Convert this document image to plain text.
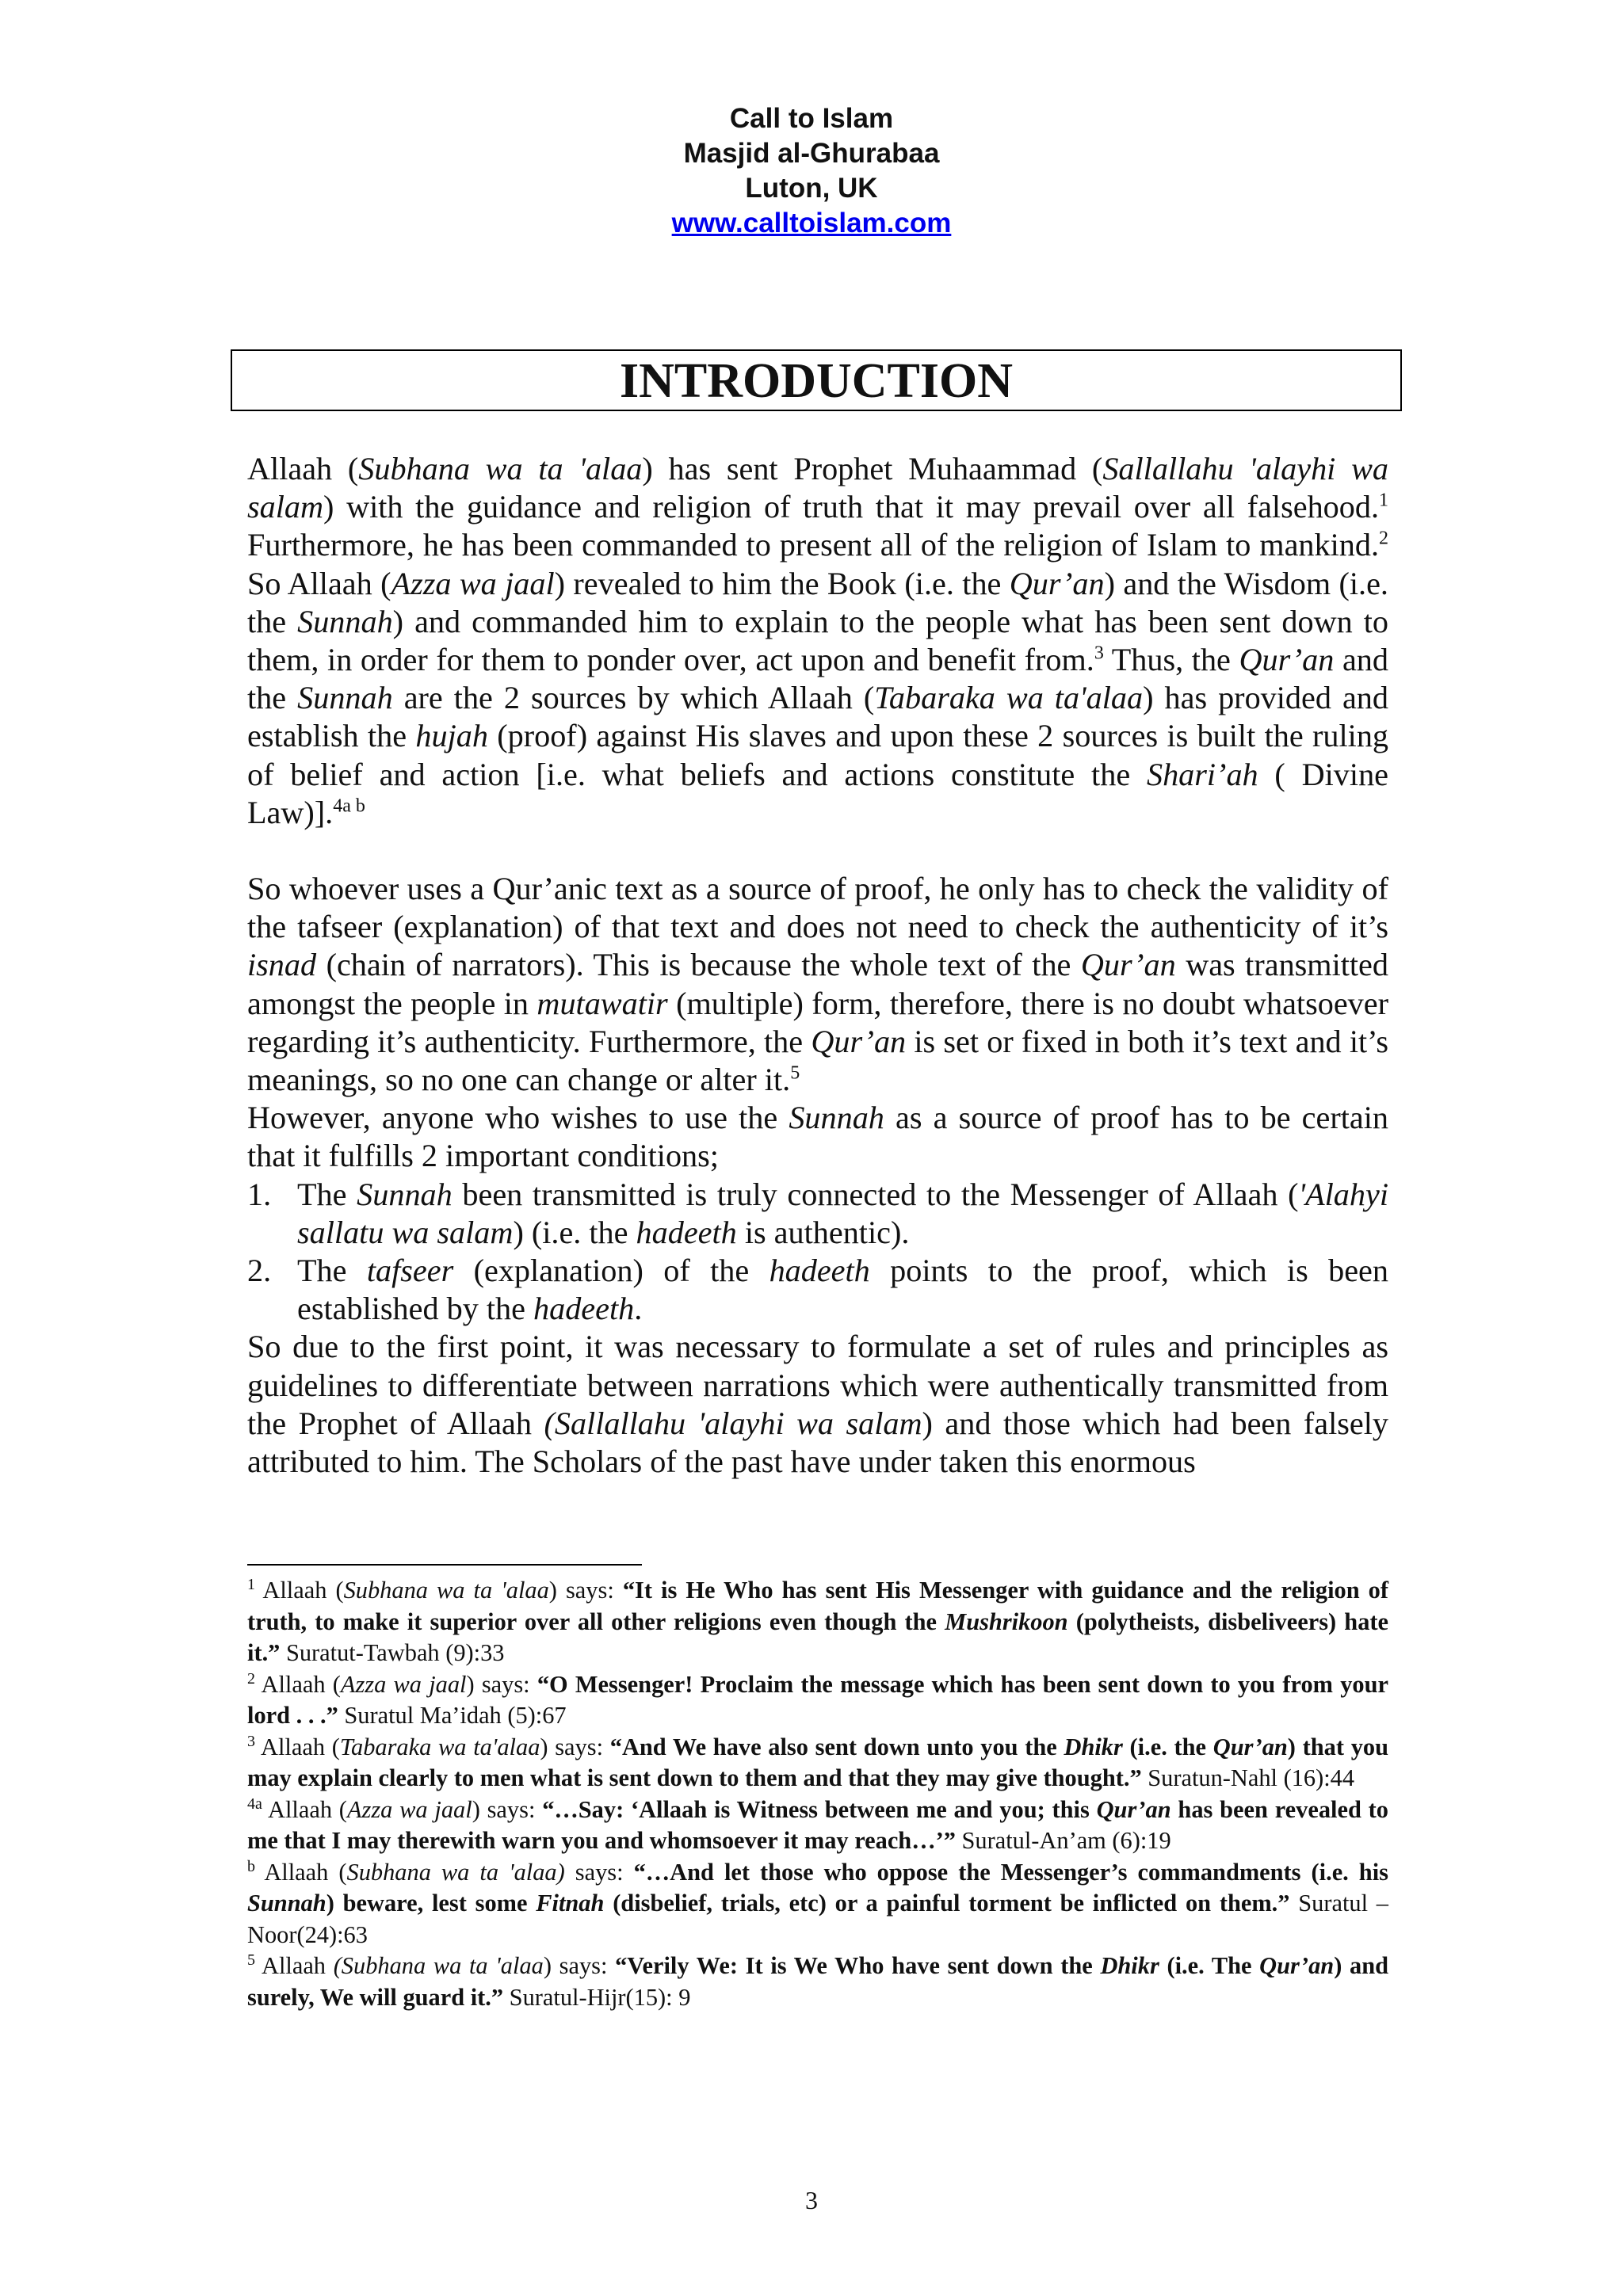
Call to Islam
Masjid al-Ghurabaa
Luton, UK
www.calltoislam.com
INTRODUCTION

Allaah (Subhana wa ta 'alaa) has sent Prophet Muhaammad (Sallallahu 'alayhi wa salam) with the guidance and religion of truth that it may prevail over all falsehood.$^1$ Furthermore, he has been commanded to present all of the religion of Islam to mankind.$^2$ So Allaah (Azza wa jaal) revealed to him the Book (i.e. the Qur’an) and the Wisdom (i.e. the Sunnah) and commanded him to explain to the people what has been sent down to them, in order for them to ponder over, act upon and benefit from.$^3$ Thus, the Qur’an and the Sunnah are the 2 sources by which Allaah (Tabaraka wa ta'alaa) has provided and establish the hujah (proof) against His slaves and upon these 2 sources is built the ruling of belief and action [i.e. what beliefs and actions constitute the Shari’ah ( Divine Law)].$^{4a b}$

So whoever uses a Qur’anic text as a source of proof, he only has to check the validity of the tafseer (explanation) of that text and does not need to check the authenticity of it’s isnad (chain of narrators). This is because the whole text of the Qur’an was transmitted amongst the people in mutawatir (multiple) form, therefore, there is no doubt whatsoever regarding it’s authenticity. Furthermore, the Qur’an is set or fixed in both it’s text and it’s meanings, so no one can change or alter it.$^5$

However, anyone who wishes to use the Sunnah as a source of proof has to be certain that it fulfills 2 important conditions;

1. The Sunnah been transmitted is truly connected to the Messenger of Allaah ('Alahyi sallatu wa salam) (i.e. the hadeeth is authentic).
2. The tafseer (explanation) of the hadeeth points to the proof, which is been established by the hadeeth.

So due to the first point, it was necessary to formulate a set of rules and principles as guidelines to differentiate between narrations which were authentically transmitted from the Prophet of Allaah (Sallallahu 'alayhi wa salam) and those which had been falsely attributed to him. The Scholars of the past have under taken this enormous

$^1$ Allaah (Subhana wa ta 'alaa) says: “It is He Who has sent His Messenger with guidance and the religion of truth, to make it superior over all other religions even though the Mushrikoon (polytheists, disbeliveers) hate it.” Suratut-Tawbah (9):33

$^2$ Allaah (Azza wa jaal) says: “O Messenger! Proclaim the message which has been sent down to you from your lord . . .” Suratul Ma’idah (5):67

$^3$ Allaah (Tabaraka wa ta'alaa) says: “And We have also sent down unto you the Dhikr (i.e. the Qur’an) that you may explain clearly to men what is sent down to them and that they may give thought.” Suratun-Nahl (16):44

$^{4a}$ Allaah (Azza wa jaal) says: “…Say: ‘Allaah is Witness between me and you; this Qur’an has been revealed to me that I may therewith warn you and whomsoever it may reach…’” Suratul-An’am (6):19

$^b$ Allaah (Subhana wa ta 'alaa) says: “…And let those who oppose the Messenger’s commandments (i.e. his Sunnah) beware, lest some Fitnah (disbelief, trials, etc) or a painful torment be inflicted on them.” Suratul –Noor(24):63

$^5$ Allaah (Subhana wa ta 'alaa) says: “Verily We: It is We Who have sent down the Dhikr (i.e. The Qur’an) and surely, We will guard it.” Suratul-Hijr(15): 9

3
